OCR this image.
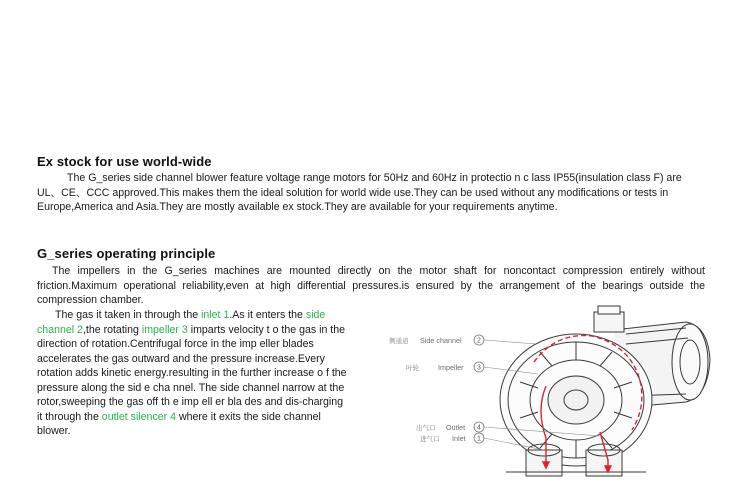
Ex stock for use world-wide

The G_series side channel blower feature voltage range motors for 50Hz and 60Hz in protectio n c lass IP55(insulation class F) are UL、CE、CCC approved.This makes them the ideal solution for world wide use.They can be used without any modifications or tests in Europe,America and Asia.They are mostly available ex stock.They are available for your requirements anytime.

G_series operating principle

The impellers in the G_series machines are mounted directly on the motor shaft for noncontact compression entirely without friction.Maximum operational reliability,even at high differential pressures.is ensured by the arrangement of the bearings outside the compression chamber.

The gas it taken in through the inlet 1.As it enters the side channel 2,the rotating impeller 3 imparts velocity t o the gas in the direction of rotation.Centrifugal force in the imp eller blades accelerates the gas outward and the pressure increase.Every rotation adds kinetic energy.resulting in the further increase o f the pressure along the sid e cha nnel. The side channel narrow at the rotor,sweeping the gas off th e imp ell er bla des and dis-charging it through the outlet silencer 4 where it exits the side channel blower.

侧通道 Side channel 2
叶轮	Impeller 3
出气口 Outlet 4
进气口 Inlet 1
